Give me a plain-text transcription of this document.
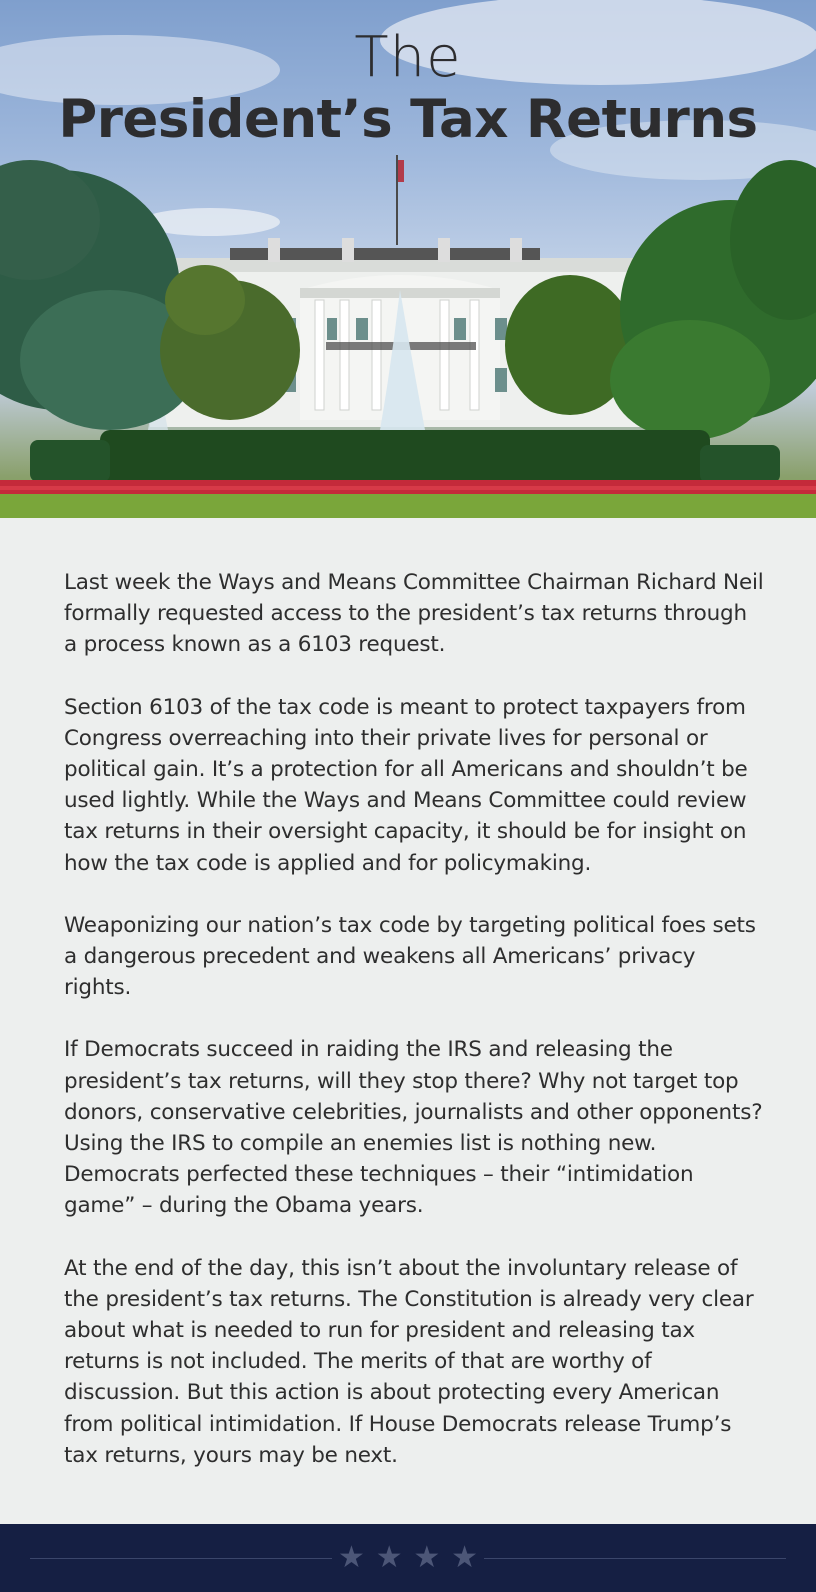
The
President’s Tax Returns

Last week the Ways and Means Committee Chairman Richard Neil formally requested access to the president’s tax returns through a process known as a 6103 request.

Section 6103 of the tax code is meant to protect taxpayers from Congress overreaching into their private lives for personal or political gain. It’s a protection for all Americans and shouldn’t be used lightly. While the Ways and Means Committee could review tax returns in their oversight capacity, it should be for insight on how the tax code is applied and for policymaking.

Weaponizing our nation’s tax code by targeting political foes sets a dangerous precedent and weakens all Americans’ privacy rights.

If Democrats succeed in raiding the IRS and releasing the president’s tax returns, will they stop there? Why not target top donors, conservative celebrities, journalists and other opponents? Using the IRS to compile an enemies list is nothing new. Democrats perfected these techniques – their “intimidation game” – during the Obama years.

At the end of the day, this isn’t about the involuntary release of the president’s tax returns. The Constitution is already very clear about what is needed to run for president and releasing tax returns is not included. The merits of that are worthy of discussion. But this action is about protecting every American from political intimidation. If House Democrats release Trump’s tax returns, yours may be next.

★ ★ ★ ★
